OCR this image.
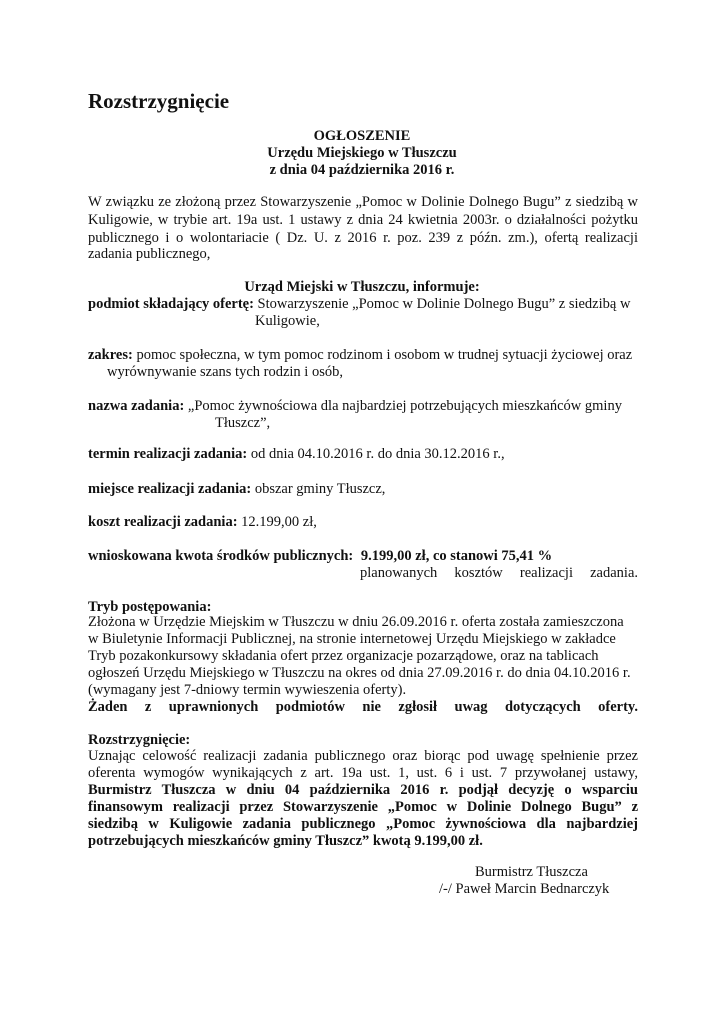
Rozstrzygnięcie
OGŁOSZENIE
Urzędu Miejskiego w Tłuszczu
z dnia 04 października 2016 r.
W związku ze złożoną przez Stowarzyszenie „Pomoc w Dolinie Dolnego Bugu” z siedzibą w
Kuligowie, w trybie art. 19a ust. 1 ustawy z dnia 24 kwietnia 2003r. o działalności pożytku
publicznego i o wolontariacie ( Dz. U. z 2016 r. poz. 239 z późn. zm.), ofertą realizacji
zadania publicznego,
Urząd Miejski w Tłuszczu, informuje:
podmiot składający ofertę: Stowarzyszenie „Pomoc w Dolinie Dolnego Bugu” z siedzibą w
Kuligowie,
zakres: pomoc społeczna, w tym pomoc rodzinom i osobom w trudnej sytuacji życiowej oraz
wyrównywanie szans tych rodzin i osób,
nazwa zadania: „Pomoc żywnościowa dla najbardziej potrzebujących mieszkańców gminy
Tłuszcz”,
termin realizacji zadania: od dnia 04.10.2016 r. do dnia 30.12.2016 r.,
miejsce realizacji zadania: obszar gminy Tłuszcz,
koszt realizacji zadania: 12.199,00 zł,
wnioskowana kwota środków publicznych: 9.199,00 zł, co stanowi 75,41 %
planowanych kosztów realizacji zadania.
Tryb postępowania:
Złożona w Urzędzie Miejskim w Tłuszczu w dniu 26.09.2016 r. oferta została zamieszczona
w Biuletynie Informacji Publicznej, na stronie internetowej Urzędu Miejskiego w zakładce
Tryb pozakonkursowy składania ofert przez organizacje pozarządowe, oraz na tablicach
ogłoszeń Urzędu Miejskiego w Tłuszczu na okres od dnia 27.09.2016 r. do dnia 04.10.2016 r.
(wymagany jest 7-dniowy termin wywieszenia oferty).
Żaden z uprawnionych podmiotów nie zgłosił uwag dotyczących oferty.
Rozstrzygnięcie:
Uznając celowość realizacji zadania publicznego oraz biorąc pod uwagę spełnienie przez
oferenta wymogów wynikających z art. 19a ust. 1, ust. 6 i ust. 7 przywołanej ustawy,
Burmistrz Tłuszcza w dniu 04 października 2016 r. podjął decyzję o wsparciu
finansowym realizacji przez Stowarzyszenie „Pomoc w Dolinie Dolnego Bugu” z
siedzibą w Kuligowie zadania publicznego „Pomoc żywnościowa dla najbardziej
potrzebujących mieszkańców gminy Tłuszcz” kwotą 9.199,00 zł.
Burmistrz Tłuszcza
/-/ Paweł Marcin Bednarczyk
